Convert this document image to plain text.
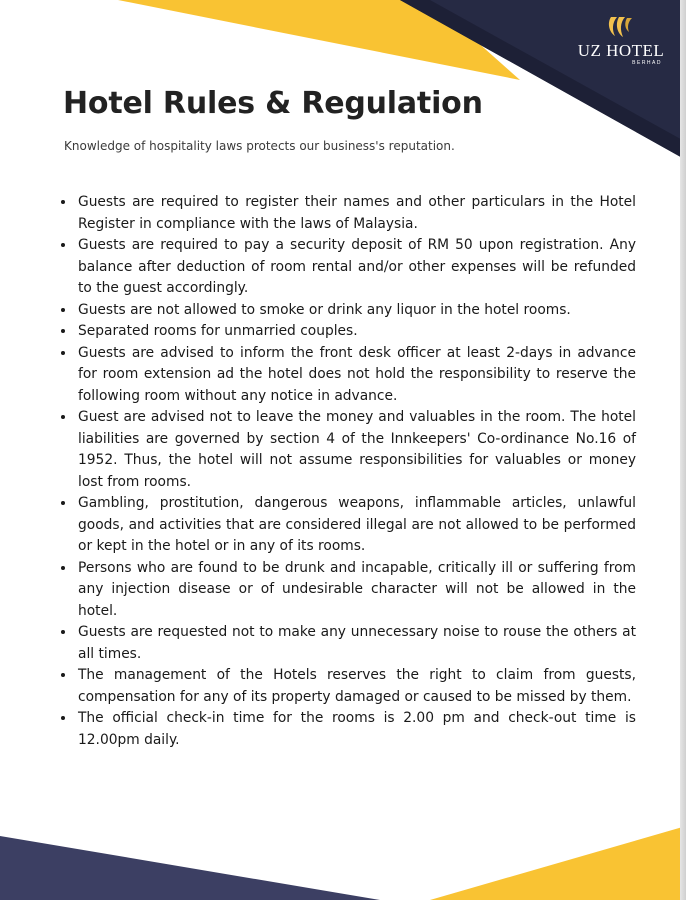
UZ HOTEL
BERHAD
Hotel Rules & Regulation

Knowledge of hospitality laws protects our business's reputation.

• Guests are required to register their names and other particulars in the Hotel Register in compliance with the laws of Malaysia.
• Guests are required to pay a security deposit of RM 50 upon registration. Any balance after deduction of room rental and/or other expenses will be refunded to the guest accordingly.
• Guests are not allowed to smoke or drink any liquor in the hotel rooms.
• Separated rooms for unmarried couples.
• Guests are advised to inform the front desk officer at least 2-days in advance for room extension ad the hotel does not hold the responsibility to reserve the following room without any notice in advance.
• Guest are advised not to leave the money and valuables in the room. The hotel liabilities are governed by section 4 of the Innkeepers' Co-ordinance No.16 of 1952. Thus, the hotel will not assume responsibilities for valuables or money lost from rooms.
• Gambling, prostitution, dangerous weapons, inflammable articles, unlawful goods, and activities that are considered illegal are not allowed to be performed or kept in the hotel or in any of its rooms.
• Persons who are found to be drunk and incapable, critically ill or suffering from any injection disease or of undesirable character will not be allowed in the hotel.
• Guests are requested not to make any unnecessary noise to rouse the others at all times.
• The management of the Hotels reserves the right to claim from guests, compensation for any of its property damaged or caused to be missed by them.
• The official check-in time for the rooms is 2.00 pm and check-out time is 12.00pm daily.
